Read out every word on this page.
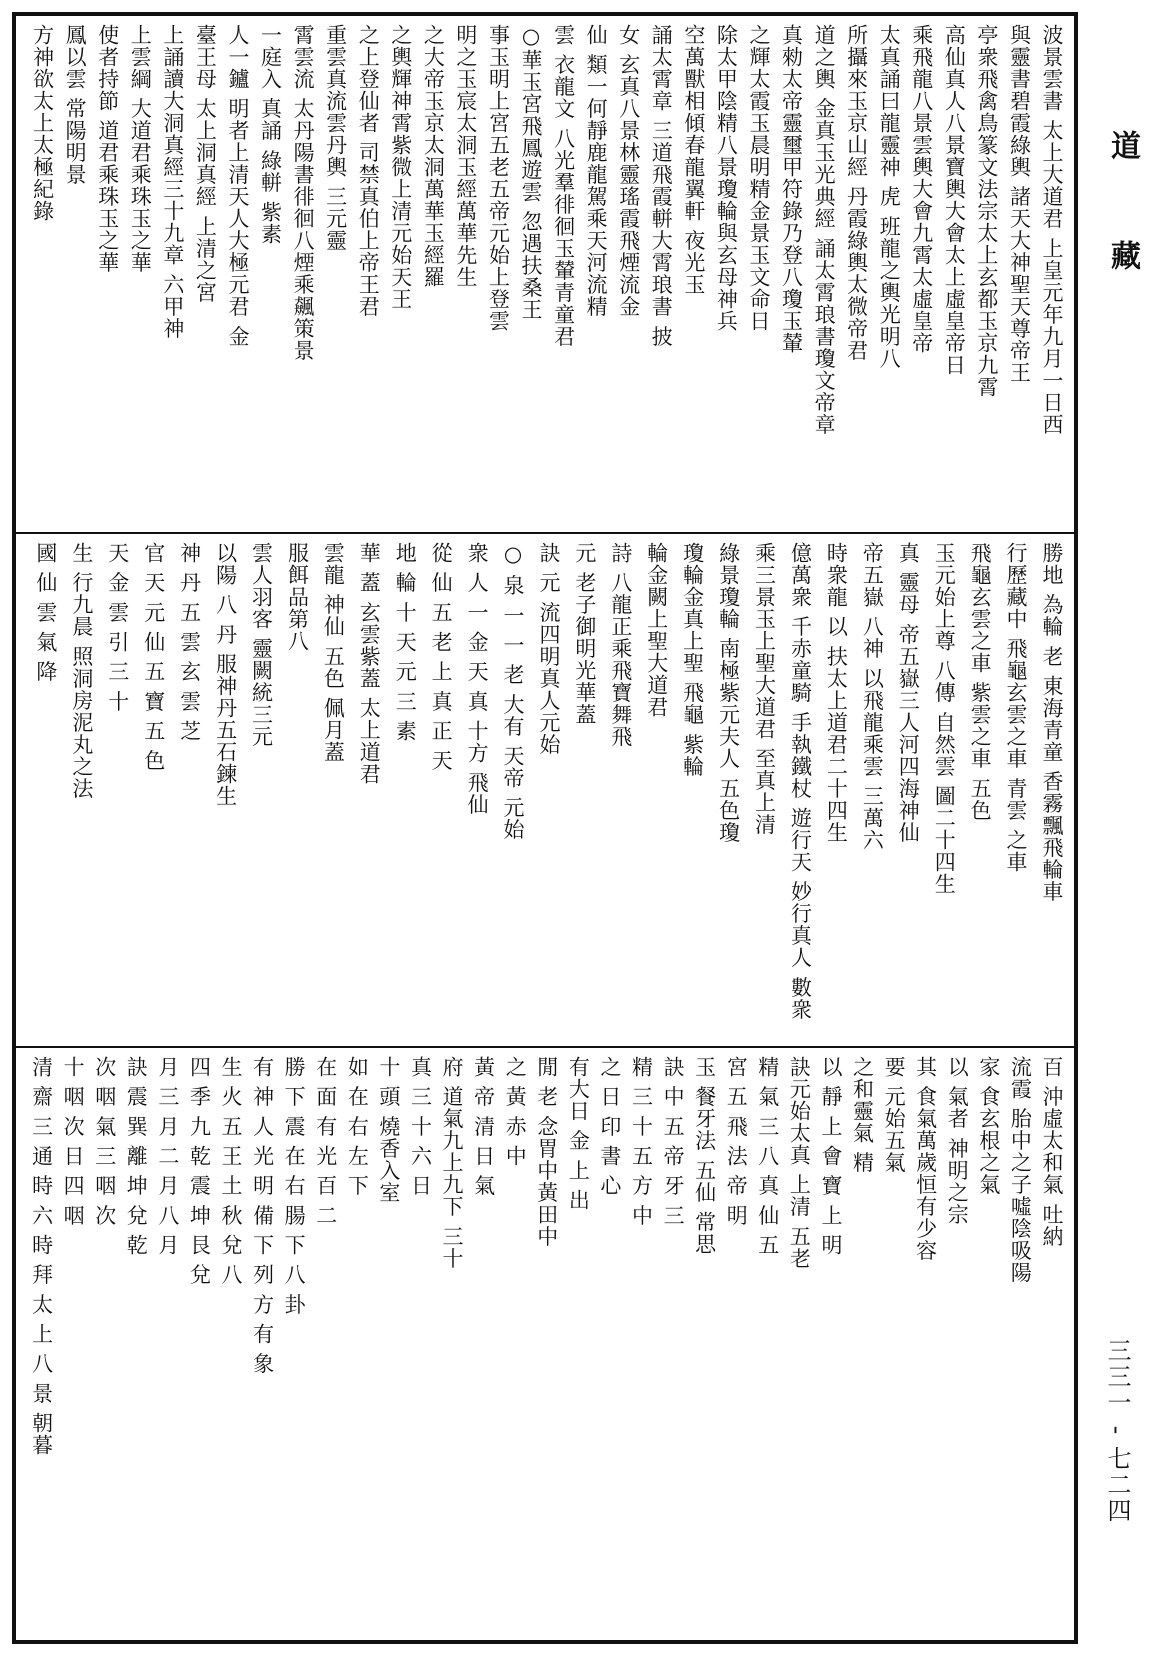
波景雲書 太上大道君 上皇元年九月一日西
與靈書碧霞綠輿 諸天大神聖天尊帝王
亭衆飛禽鳥篆文法宗太上玄都玉京九霄
高仙真人八景寶輿大會太上虛皇帝日
乘飛龍八景雲輿大會九霄太虛皇帝
太真誦曰龍靈神 虎 班龍之輿光明八
所攝來玉京山經 丹霞綠輿太微帝君
道之輿 金真玉光典經 誦太霄琅書瓊文帝章
真勑太帝靈璽甲符錄乃登八瓊玉輦
之輝太霞玉晨明精金景玉文命日
除太甲陰精八景瓊輪與玄母神兵
空萬獸相傾春龍翼軒 夜光玉
誦太霄章 三道飛霞軿大霄琅書 披
女 玄真八景林靈瑤霞飛煙流金
仙 類一何靜鹿龍駕乘天河流精
雲 衣龍文 八光羣徘徊玉輦青童君
○華玉宮飛鳳遊雲 忽遇扶桑王
事玉明上宮五老五帝元始上登雲
明之玉宸太洞玉經萬華先生
之大帝玉京太洞萬華玉經羅
之輿輝神霄紫微上清元始天王
之上登仙者 司禁真伯上帝王君
重雲真流雲丹輿 三元靈
霄雲流 太丹陽書徘徊八煙乘飆策景
一庭入 真誦 綠軿 紫素
人一鑪 明者上清天人大極元君 金
臺王母 太上洞真經 上清之宮
上誦讀大洞真經三十九章 六甲神
上雲綱 大道君乘珠玉之華
使者持節 道君乘珠玉之華
鳳以雲 常陽明景
方神欲太上太極紀錄
勝地 為輪 老 東海青童 香霧飄飛輪車
行歷藏中 飛龜玄雲之車 青雲 之車
飛龜玄雲之車 紫雲之車 五色
玉元始上尊 八傳 自然雲 圖二十四生
真 靈母 帝五嶽三人河四海神仙
帝五嶽 八神 以飛龍乘雲 三萬六
時衆龍 以 扶太上道君二十四生
億萬衆 千赤童騎 手執鐵杖 遊行天 妙行真人 數衆
乘三景玉上聖大道君 至真上清
綠景瓊輪 南極紫元夫人 五色瓊
瓊輪金真上聖 飛龜 紫輪
輪金闕上聖大道君
詩 八龍正乘飛寶舞飛
元 老子御明光華蓋
訣 元 流四明真人元始
○ 泉 一 一 老 大有 天帝 元始
衆 人 一 金 天 真 十方 飛仙
從 仙 五 老 上 真 正 天
地 輪 十 天 元 三 素
華 蓋 玄雲紫蓋 太上道君
雲龍 神仙 五色 佩月蓋
服餌品第八
雲人羽客 靈闕統三元
以陽 八 丹 服神丹五石鍊生
神 丹 五 雲 玄 雲 芝
官 天 元 仙 五 寶 五 色
天 金 雲 引 三 十
生 行九晨 照洞房泥丸之法
國 仙 雲 氣 降
百 沖虛太和氣 吐納
流霞 胎中之子噓陰吸陽
家 食玄根之氣
以 氣者 神明之宗
其 食氣萬歲恒有少容
要 元始五氣
之和靈氣 精
以 靜 上 會 寶 上 明
訣元始太真 上清 五老
精 氣 三 八 真 仙 五
宮 五 飛 法 帝 明
玉 餐牙法 五仙 常思
訣 中 五 帝 牙 三
精 三 十 五 方 中
之 日 印 書 心
有大日 金 上 出
閒 老 念胃中黃田中
之 黃 赤 中
黃 帝 清 日 氣
府 道氣九上九下 三十
真 三 十 六 日
十 頭 燒香入室
如 在 右 左 下
在 面 有 光 百 二
勝 下 震 在 右 腸 下 八 卦
有 神 人 光 明 備 下 列 方 有 象
生 火 五 王 土 秋 兌 八
四 季 九 乾 震 坤 艮 兌
月 三 月 二 月 八 月
訣 震 巽 離 坤 兌 乾
次 咽 氣 三 咽 次
十 咽 次 日 四 咽
清 齋 三 通 時 六 時 拜 太 上 八 景 朝暮
道
藏
三三一 - 七二四
